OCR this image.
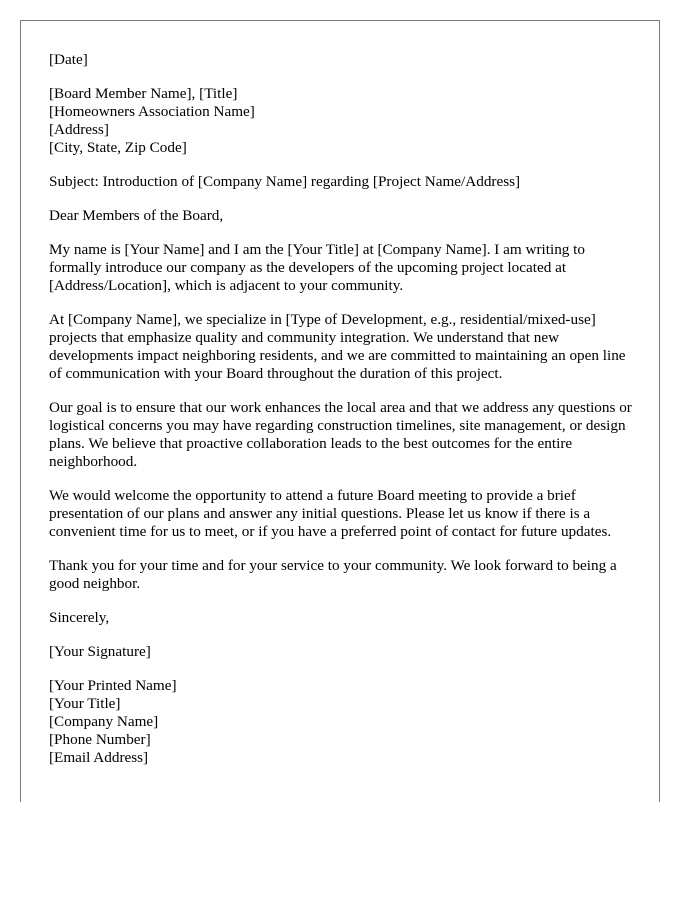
[Date]
[Board Member Name], [Title]
[Homeowners Association Name]
[Address]
[City, State, Zip Code]

Subject: Introduction of [Company Name] regarding [Project Name/Address]

Dear Members of the Board,

My name is [Your Name] and I am the [Your Title] at [Company Name]. I am writing to formally introduce our company as the developers of the upcoming project located at [Address/Location], which is adjacent to your community.

At [Company Name], we specialize in [Type of Development, e.g., residential/mixed-use] projects that emphasize quality and community integration. We understand that new developments impact neighboring residents, and we are committed to maintaining an open line of communication with your Board throughout the duration of this project.

Our goal is to ensure that our work enhances the local area and that we address any questions or logistical concerns you may have regarding construction timelines, site management, or design plans. We believe that proactive collaboration leads to the best outcomes for the entire neighborhood.

We would welcome the opportunity to attend a future Board meeting to provide a brief presentation of our plans and answer any initial questions. Please let us know if there is a convenient time for us to meet, or if you have a preferred point of contact for future updates.

Thank you for your time and for your service to your community. We look forward to being a good neighbor.

Sincerely,

[Your Signature]

[Your Printed Name]
[Your Title]
[Company Name]
[Phone Number]
[Email Address]
